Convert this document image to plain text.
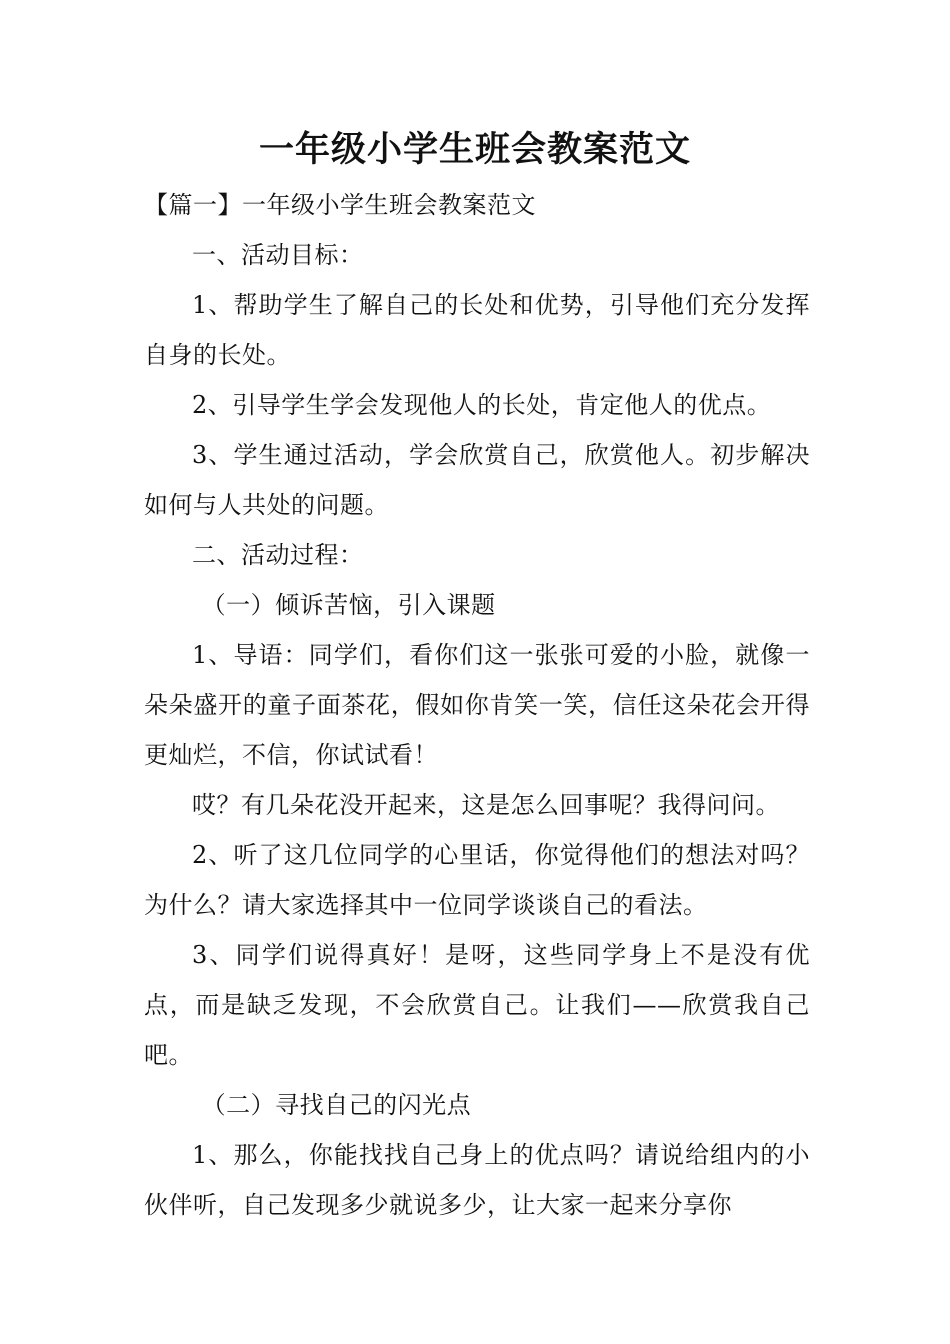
一年级小学生班会教案范文

【篇一】一年级小学生班会教案范文

一、活动目标：

1、帮助学生了解自己的长处和优势，引导他们充分发挥自身的长处。

2、引导学生学会发现他人的长处，肯定他人的优点。

3、学生通过活动，学会欣赏自己，欣赏他人。初步解决如何与人共处的问题。

二、活动过程：

（一）倾诉苦恼，引入课题

1、导语：同学们，看你们这一张张可爱的小脸，就像一朵朵盛开的童子面茶花，假如你肯笑一笑，信任这朵花会开得更灿烂，不信，你试试看！

哎？有几朵花没开起来，这是怎么回事呢？我得问问。

2、听了这几位同学的心里话，你觉得他们的想法对吗？为什么？请大家选择其中一位同学谈谈自己的看法。

3、同学们说得真好！是呀，这些同学身上不是没有优点，而是缺乏发现，不会欣赏自己。让我们——欣赏我自己吧。

（二）寻找自己的闪光点

1、那么，你能找找自己身上的优点吗？请说给组内的小伙伴听，自己发现多少就说多少，让大家一起来分享你
